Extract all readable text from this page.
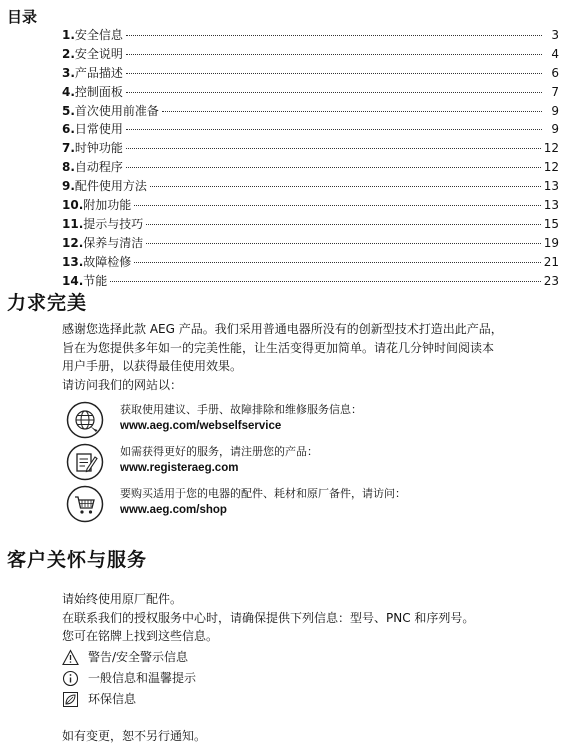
目录
1. 安全信息	3
2. 安全说明	4
3. 产品描述	6
4. 控制面板	7
5. 首次使用前准备	9
6. 日常使用	9
7. 时钟功能	12
8. 自动程序	12
9. 配件使用方法	13
10. 附加功能	13
11. 提示与技巧	15
12. 保养与清洁	19
13. 故障检修	21
14. 节能	23
力求完美
感谢您选择此款 AEG 产品。我们采用普通电器所没有的创新型技术打造出此产品，
旨在为您提供多年如一的完美性能，让生活变得更加简单。请花几分钟时间阅读本
用户手册，以获得最佳使用效果。
请访问我们的网站以：
获取使用建议、手册、故障排除和维修服务信息：
www.aeg.com/webselfservice
如需获得更好的服务，请注册您的产品：
www.registeraeg.com
要购买适用于您的电器的配件、耗材和原厂备件，请访问：
www.aeg.com/shop
客户关怀与服务
请始终使用原厂配件。
在联系我们的授权服务中心时，请确保提供下列信息：型号、PNC 和序列号。
您可在铭牌上找到这些信息。
警告/安全警示信息
一般信息和温馨提示
环保信息
如有变更，恕不另行通知。
